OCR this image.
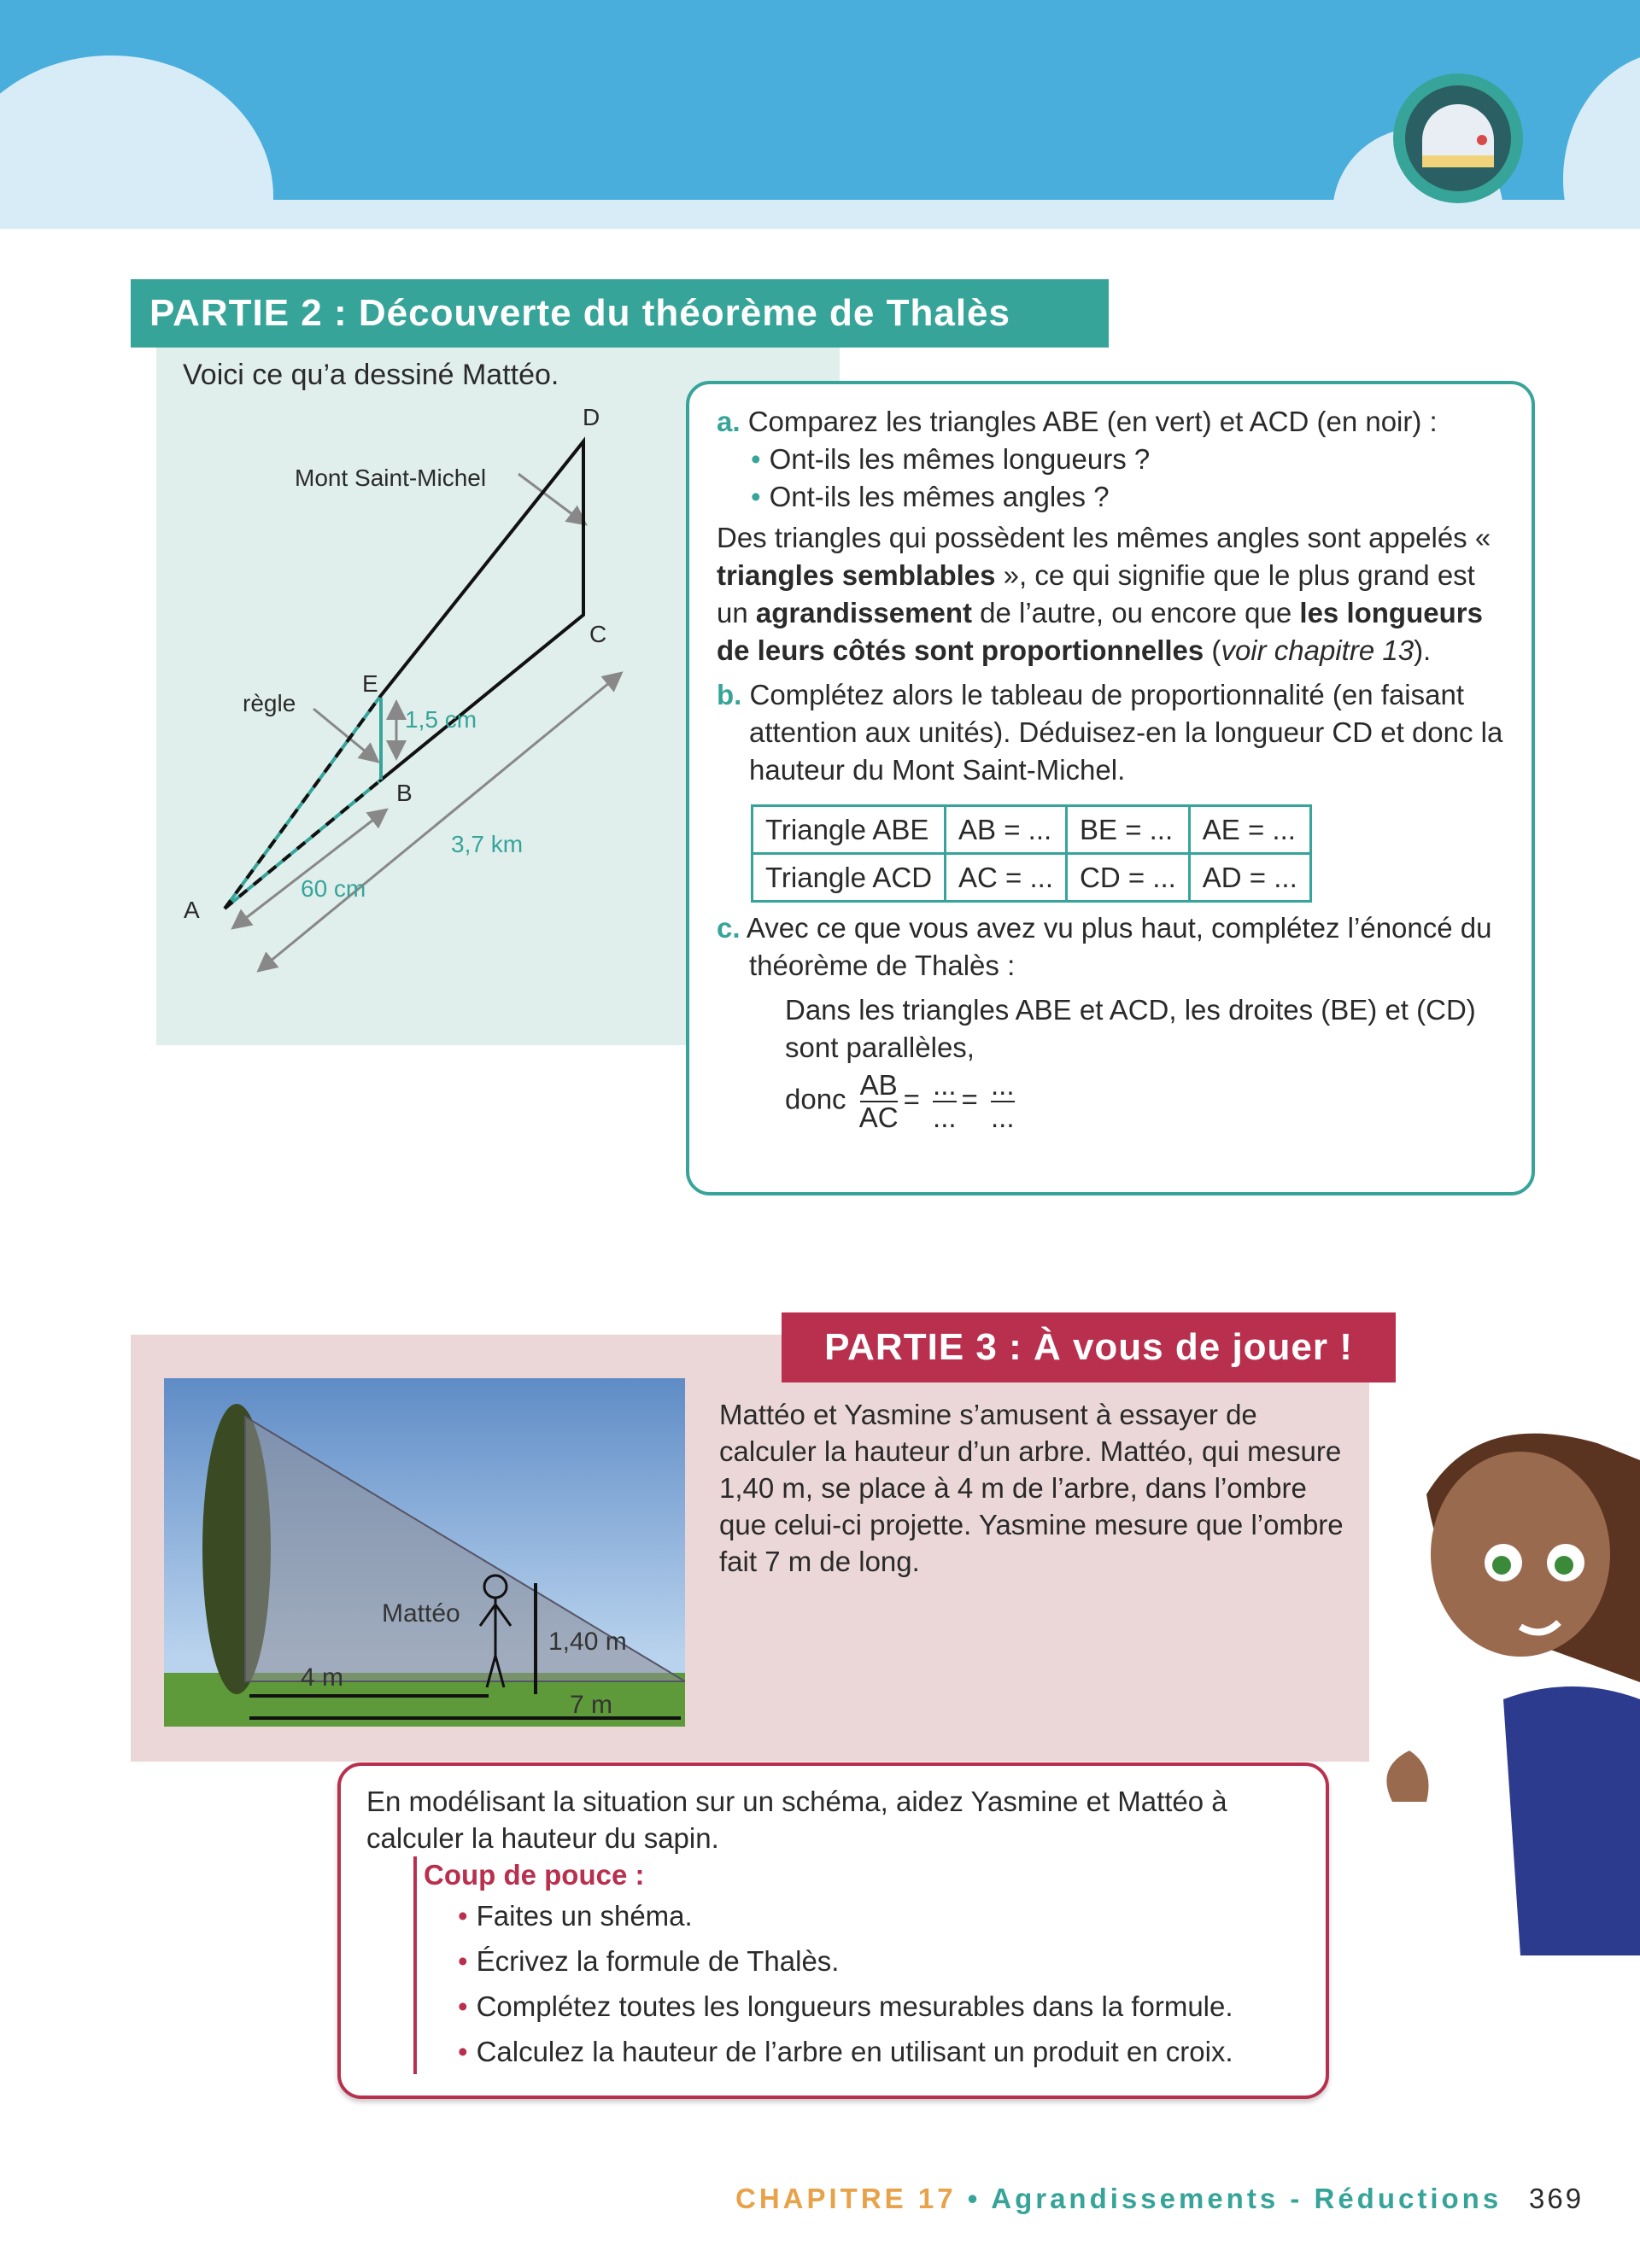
PARTIE 2 : Découverte du théorème de Thalès
Voici ce qu’a dessiné Mattéo.
A
B
C
D
E
Mont Saint-Michel
règle
1,5 cm
60 cm
3,7 km
a. Comparez les triangles ABE (en vert) et ACD (en noir) :
• Ont-ils les mêmes longueurs ?
• Ont-ils les mêmes angles ?
Des triangles qui possèdent les mêmes angles sont appelés « triangles semblables », ce qui signifie que le plus grand est un agrandissement de l’autre, ou encore que les longueurs de leurs côtés sont proportionnelles (voir chapitre 13).
b. Complétez alors le tableau de proportionnalité (en faisant attention aux unités). Déduisez-en la longueur CD et donc la hauteur du Mont Saint-Michel.
Triangle ABE	AB = ...	BE = ...	AE = ...
Triangle ACD	AC = ...	CD = ...	AD = ...
c. Avec ce que vous avez vu plus haut, complétez l’énoncé du théorème de Thalès :
Dans les triangles ABE et ACD, les droites (BE) et (CD) sont parallèles,
donc $\frac{AB}{AC} = \frac{...}{...} = \frac{...}{...}$
PARTIE 3 : À vous de jouer !
Mattéo
1,40 m
4 m
7 m
Mattéo et Yasmine s’amusent à essayer de calculer la hauteur d’un arbre. Mattéo, qui mesure 1,40 m, se place à 4 m de l’arbre, dans l’ombre que celui-ci projette. Yasmine mesure que l’ombre fait 7 m de long.
En modélisant la situation sur un schéma, aidez Yasmine et Mattéo à calculer la hauteur du sapin.
Coup de pouce :
• Faites un shéma.
• Écrivez la formule de Thalès.
• Complétez toutes les longueurs mesurables dans la formule.
• Calculez la hauteur de l’arbre en utilisant un produit en croix.
CHAPITRE 17 • Agrandissements - Réductions 369
